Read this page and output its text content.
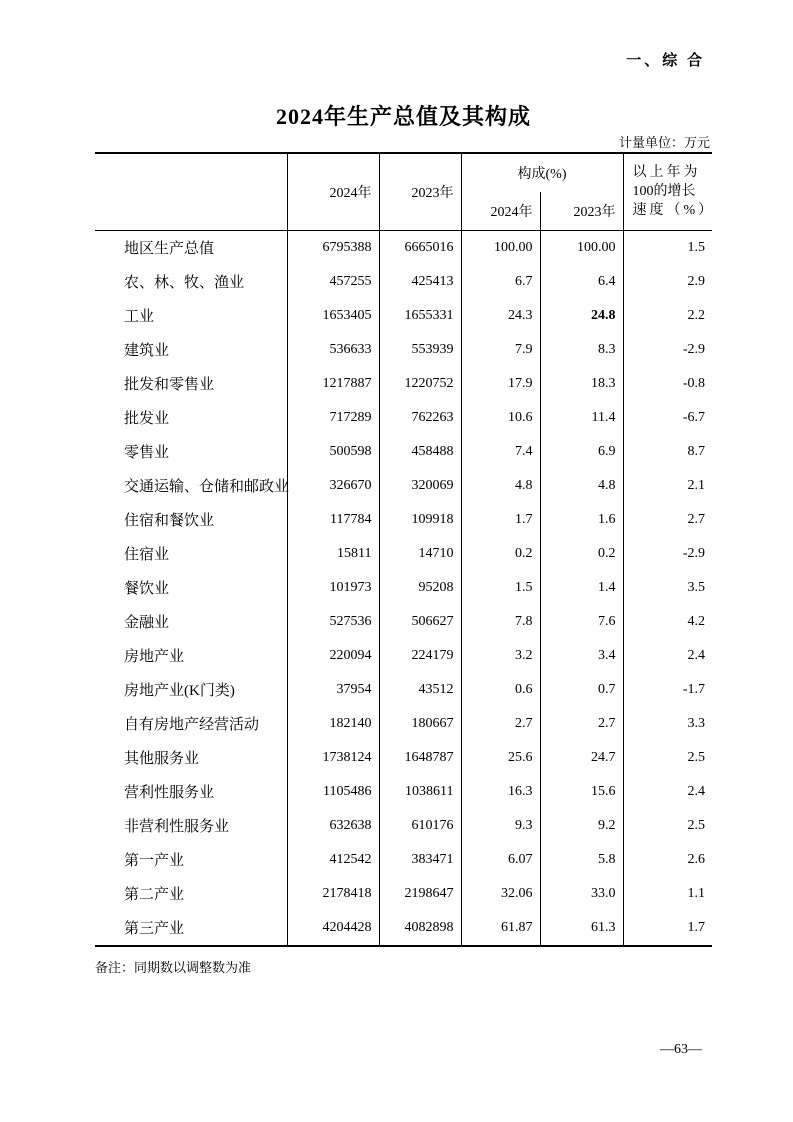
一、综 合
2024年生产总值及其构成
计量单位：万元
	2024年	2023年	构成(%)		以上年为
100的增长
速度（%）

			2024年	2023年	
地区生产总值	6795388	6665016	100.00	100.00	1.5
农、林、牧、渔业	457255	425413	6.7	6.4	2.9
工业	1653405	1655331	24.3	24.8	2.2
建筑业	536633	553939	7.9	8.3	-2.9
批发和零售业	1217887	1220752	17.9	18.3	-0.8
批发业	717289	762263	10.6	11.4	-6.7
零售业	500598	458488	7.4	6.9	8.7
交通运输、仓储和邮政业	326670	320069	4.8	4.8	2.1
住宿和餐饮业	117784	109918	1.7	1.6	2.7
住宿业	15811	14710	0.2	0.2	-2.9
餐饮业	101973	95208	1.5	1.4	3.5
金融业	527536	506627	7.8	7.6	4.2
房地产业	220094	224179	3.2	3.4	2.4
房地产业(K门类)	37954	43512	0.6	0.7	-1.7
自有房地产经营活动	182140	180667	2.7	2.7	3.3
其他服务业	1738124	1648787	25.6	24.7	2.5
营利性服务业	1105486	1038611	16.3	15.6	2.4
非营利性服务业	632638	610176	9.3	9.2	2.5
第一产业	412542	383471	6.07	5.8	2.6
第二产业	2178418	2198647	32.06	33.0	1.1
第三产业	4204428	4082898	61.87	61.3	1.7
备注：同期数以调整数为准
—63—
